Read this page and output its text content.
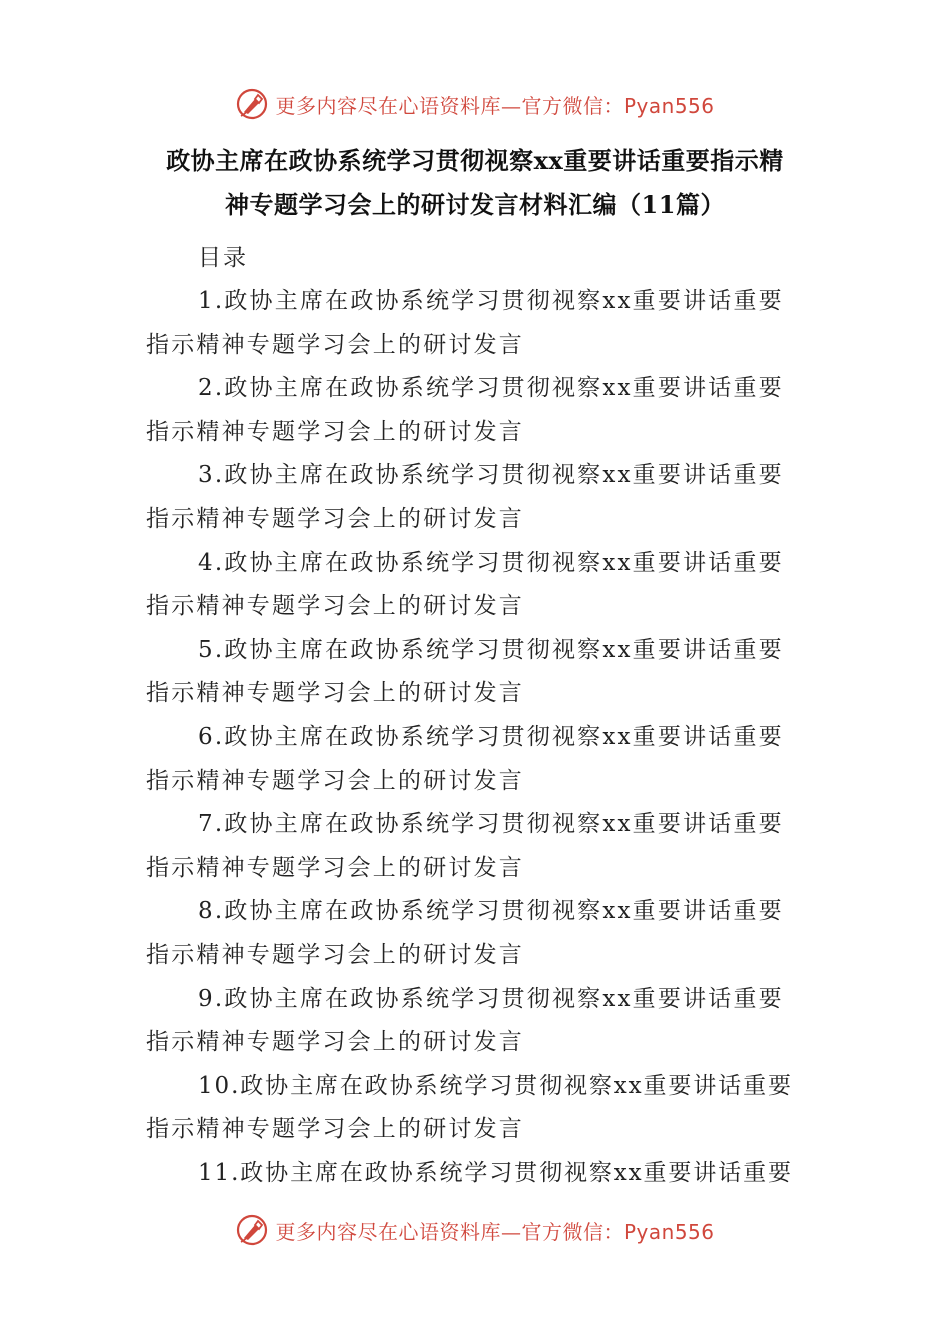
更多内容尽在心语资料库—官方微信：Pyan556
政协主席在政协系统学习贯彻视察xx重要讲话重要指示精
神专题学习会上的研讨发言材料汇编（11篇）
目录
1.政协主席在政协系统学习贯彻视察xx重要讲话重要
指示精神专题学习会上的研讨发言
2.政协主席在政协系统学习贯彻视察xx重要讲话重要
指示精神专题学习会上的研讨发言
3.政协主席在政协系统学习贯彻视察xx重要讲话重要
指示精神专题学习会上的研讨发言
4.政协主席在政协系统学习贯彻视察xx重要讲话重要
指示精神专题学习会上的研讨发言
5.政协主席在政协系统学习贯彻视察xx重要讲话重要
指示精神专题学习会上的研讨发言
6.政协主席在政协系统学习贯彻视察xx重要讲话重要
指示精神专题学习会上的研讨发言
7.政协主席在政协系统学习贯彻视察xx重要讲话重要
指示精神专题学习会上的研讨发言
8.政协主席在政协系统学习贯彻视察xx重要讲话重要
指示精神专题学习会上的研讨发言
9.政协主席在政协系统学习贯彻视察xx重要讲话重要
指示精神专题学习会上的研讨发言
10.政协主席在政协系统学习贯彻视察xx重要讲话重要
指示精神专题学习会上的研讨发言
11.政协主席在政协系统学习贯彻视察xx重要讲话重要
更多内容尽在心语资料库—官方微信：Pyan556
